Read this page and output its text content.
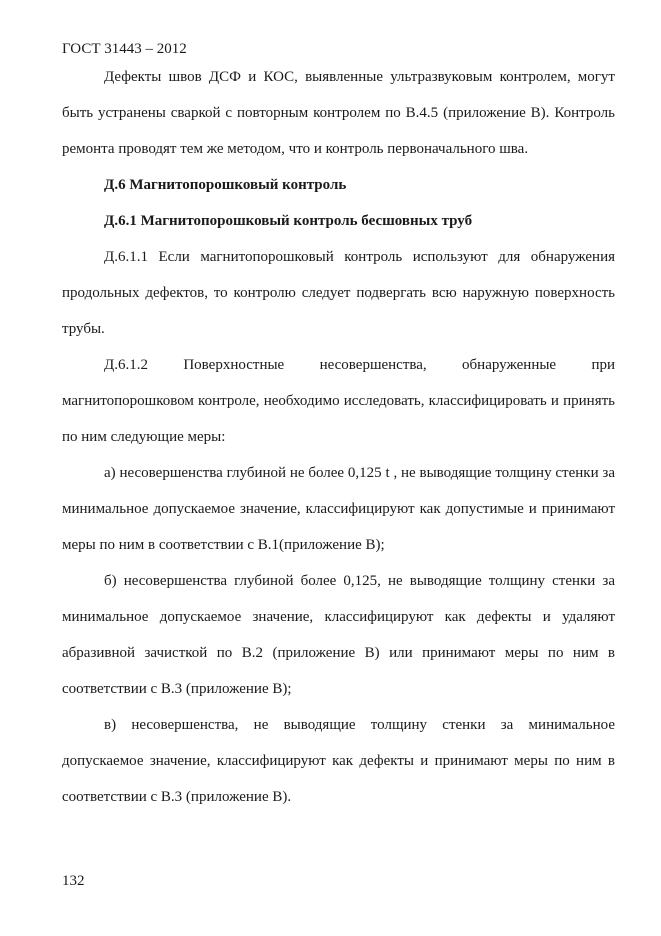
ГОСТ 31443 – 2012

Дефекты швов ДСФ и КОС, выявленные ультразвуковым контролем, могут быть устранены сваркой с повторным контролем по В.4.5 (приложение В). Контроль ремонта проводят тем же методом, что и контроль первоначального шва.

Д.6 Магнитопорошковый контроль

Д.6.1 Магнитопорошковый контроль бесшовных труб

Д.6.1.1 Если магнитопорошковый контроль используют для обнаружения продольных дефектов, то контролю следует подвергать всю наружную поверхность трубы.

Д.6.1.2 Поверхностные несовершенства, обнаруженные при магнитопорошковом контроле, необходимо исследовать, классифицировать и принять по ним следующие меры:

а) несовершенства глубиной не более 0,125 t , не выводящие толщину стенки за минимальное допускаемое значение, классифицируют как допустимые и принимают меры по ним в соответствии с В.1(приложение В);

б) несовершенства глубиной более 0,125, не выводящие толщину стенки за минимальное допускаемое значение, классифицируют как дефекты и удаляют абразивной зачисткой по В.2 (приложение В) или принимают меры по ним в соответствии с В.3 (приложение В);

в) несовершенства, не выводящие толщину стенки за минимальное допускаемое значение, классифицируют как дефекты и принимают меры по ним в соответствии с В.3 (приложение В).

132
